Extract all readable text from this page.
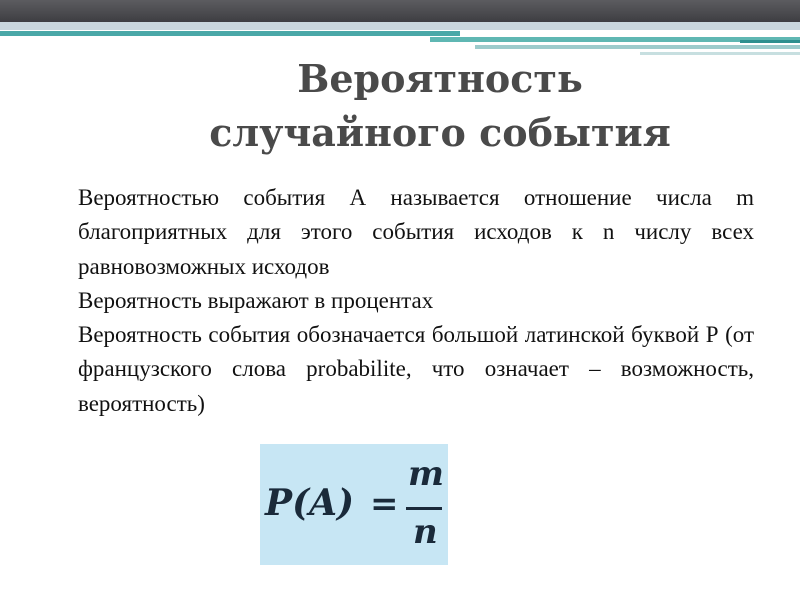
Вероятность
случайного события

Вероятностью события А называется отношение числа m благоприятных для этого события исходов к n числу всех равновозможных исходов

Вероятность выражают в процентах

Вероятность события обозначается большой латинской буквой Р (от французского слова probabilite, что означает – возможность, вероятность)

P(A) =
m
n
